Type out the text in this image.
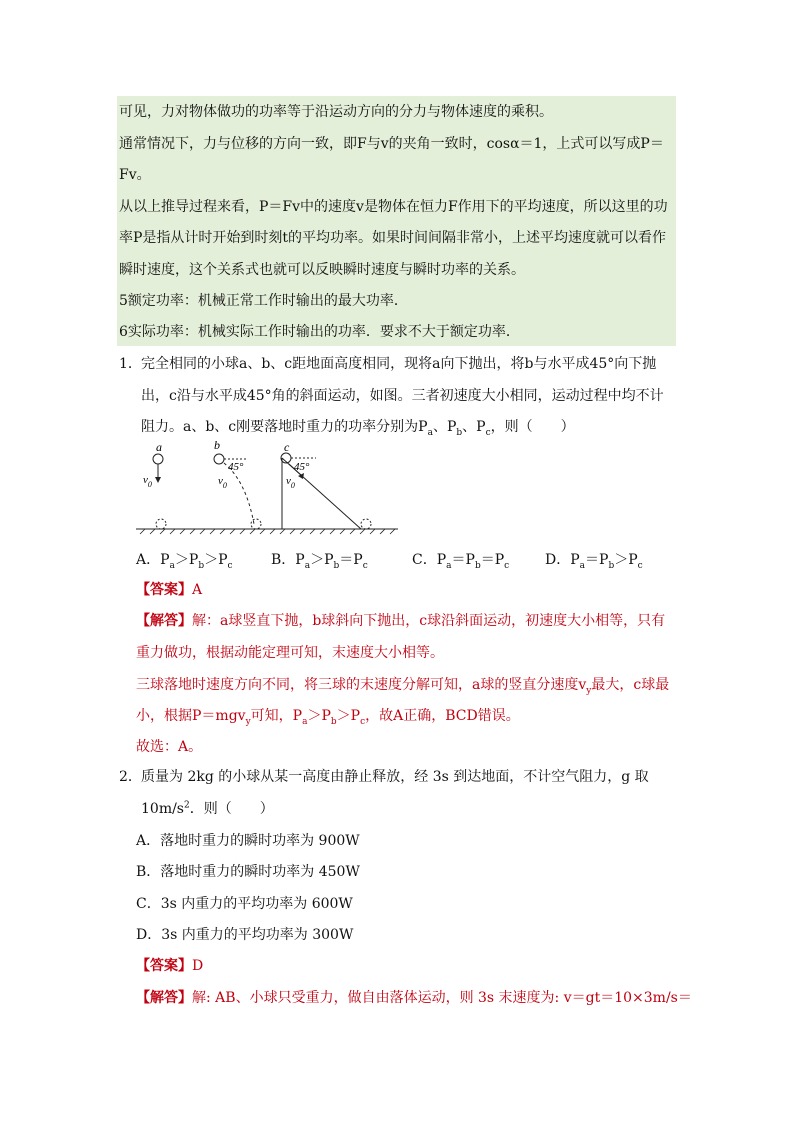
可见，力对物体做功的功率等于沿运动方向的分力与物体速度的乘积。
通常情况下，力与位移的方向一致，即F与v的夹角一致时，cosα＝1，上式可以写成P＝
Fv。
从以上推导过程来看，P＝Fv中的速度v是物体在恒力F作用下的平均速度，所以这里的功
率P是指从计时开始到时刻t的平均功率。如果时间间隔非常小，上述平均速度就可以看作
瞬时速度，这个关系式也就可以反映瞬时速度与瞬时功率的关系。
5额定功率：机械正常工作时输出的最大功率．
6实际功率：机械实际工作时输出的功率．要求不大于额定功率．
1． 完全相同的小球a、b、c距地面高度相同，现将a向下抛出，将b与水平成45°向下抛
出，c沿与水平成45°角的斜面运动，如图。三者初速度大小相同，运动过程中均不计
阻力。a、b、c刚要落地时重力的功率分别为$P_a$、$P_b$、$P_c$，则（　　）
a	b	c
$v_0$
45°
$v_0$
45°
$v_0$
A．$P_a>P_b>P_c$	B．$P_a>P_b=P_c$	C．$P_a=P_b=P_c$	D．$P_a=P_b>P_c$
【答案】A
【解答】解：a球竖直下抛，b球斜向下抛出，c球沿斜面运动，初速度大小相等，只有
重力做功，根据动能定理可知，末速度大小相等。
三球落地时速度方向不同，将三球的末速度分解可知，a球的竖直分速度$v_y$最大，c球最
小，根据P＝mgv$_y$可知，$P_a>P_b>P_c$，故A正确，BCD错误。
故选：A。
2． 质量为 2kg 的小球从某一高度由静止释放，经 3s 到达地面，不计空气阻力，g 取
$10m/s^2$．则（　　）
A．落地时重力的瞬时功率为 900W
B．落地时重力的瞬时功率为 450W
C．3s 内重力的平均功率为 600W
D．3s 内重力的平均功率为 300W
【答案】D
【解答】解: AB、小球只受重力，做自由落体运动，则 3s 末速度为: v＝gt＝10×3m/s＝
